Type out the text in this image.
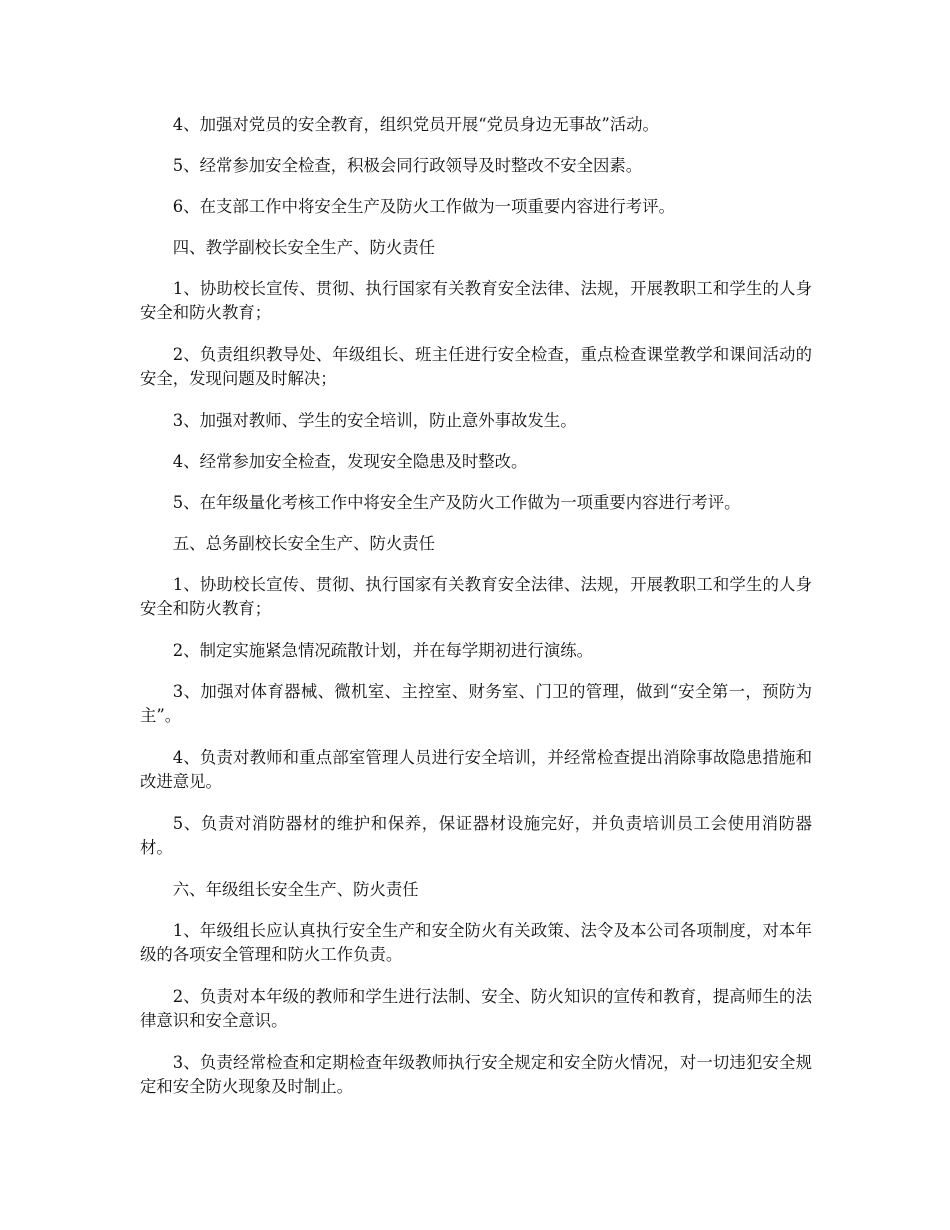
4、加强对党员的安全教育，组织党员开展“党员身边无事故”活动。

5、经常参加安全检查，积极会同行政领导及时整改不安全因素。

6、在支部工作中将安全生产及防火工作做为一项重要内容进行考评。

四、教学副校长安全生产、防火责任

1、协助校长宣传、贯彻、执行国家有关教育安全法律、法规，开展教职工和学生的人身安全和防火教育；

2、负责组织教导处、年级组长、班主任进行安全检查，重点检查课堂教学和课间活动的安全，发现问题及时解决；

3、加强对教师、学生的安全培训，防止意外事故发生。

4、经常参加安全检查，发现安全隐患及时整改。

5、在年级量化考核工作中将安全生产及防火工作做为一项重要内容进行考评。

五、总务副校长安全生产、防火责任

1、协助校长宣传、贯彻、执行国家有关教育安全法律、法规，开展教职工和学生的人身安全和防火教育；

2、制定实施紧急情况疏散计划，并在每学期初进行演练。

3、加强对体育器械、微机室、主控室、财务室、门卫的管理，做到“安全第一，预防为主”。

4、负责对教师和重点部室管理人员进行安全培训，并经常检查提出消除事故隐患措施和改进意见。

5、负责对消防器材的维护和保养，保证器材设施完好，并负责培训员工会使用消防器材。

六、年级组长安全生产、防火责任

1、年级组长应认真执行安全生产和安全防火有关政策、法令及本公司各项制度，对本年级的各项安全管理和防火工作负责。

2、负责对本年级的教师和学生进行法制、安全、防火知识的宣传和教育，提高师生的法律意识和安全意识。

3、负责经常检查和定期检查年级教师执行安全规定和安全防火情况，对一切违犯安全规定和安全防火现象及时制止。
